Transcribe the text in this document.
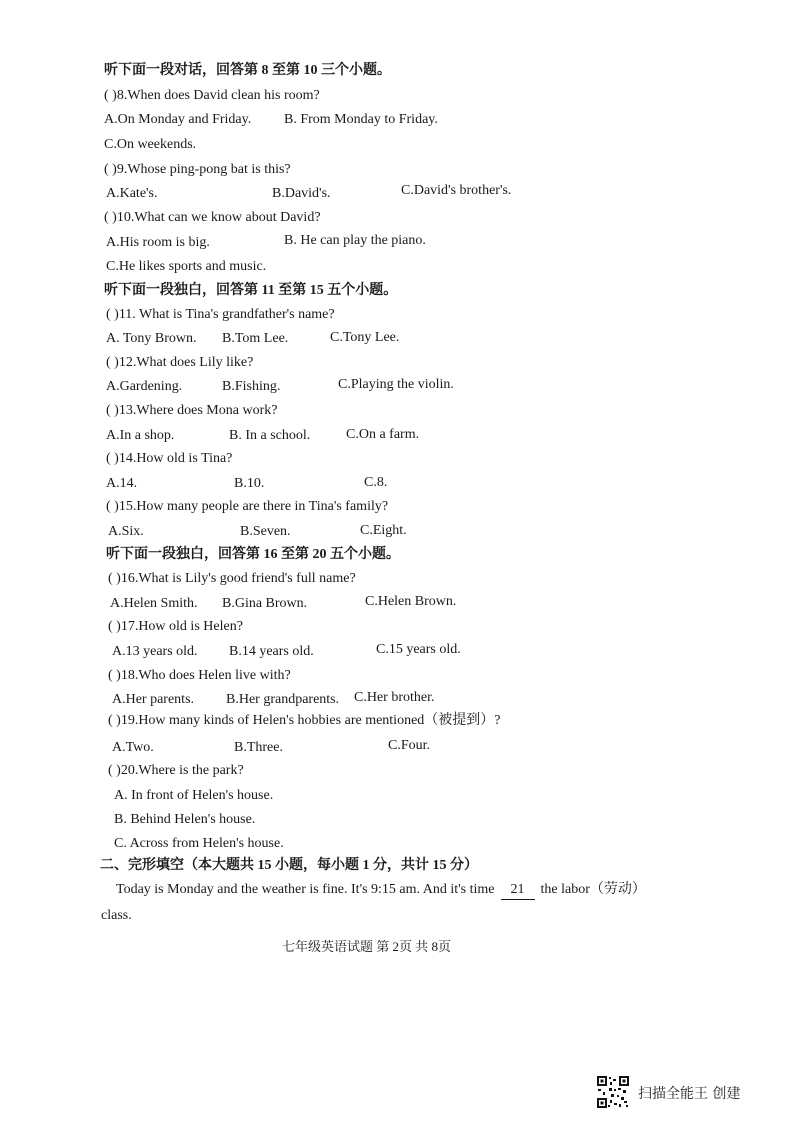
听下面一段对话，回答第 8 至第 10 三个小题。
( )8.When does David clean his room?
A.On Monday and Friday. B. From Monday to Friday.
C.On weekends.
( )9.Whose ping-pong bat is this?
A.Kate's.	B.David's.	C.David's brother's.
( )10.What can we know about David?
A.His room is big.	B. He can play the piano.
C.He likes sports and music.
听下面一段独白，回答第 11 至第 15 五个小题。
( )11. What is Tina's grandfather's name?
A. Tony Brown. B.Tom Lee.	C.Tony Lee.
( )12.What does Lily like?
A.Gardening.	B.Fishing.	C.Playing the violin.
( )13.Where does Mona work?
A.In a shop.	B. In a school.	C.On a farm.
( )14.How old is Tina?
A.14.	B.10.	C.8.
( )15.How many people are there in Tina's family?
A.Six.	B.Seven.	C.Eight.
听下面一段独白，回答第 16 至第 20 五个小题。
( )16.What is Lily's good friend's full name?
A.Helen Smith. B.Gina Brown.	C.Helen Brown.
( )17.How old is Helen?
A.13 years old. B.14 years old.	C.15 years old.
( )18.Who does Helen live with?
A.Her parents. B.Her grandparents. C.Her brother.
( )19.How many kinds of Helen's hobbies are mentioned（被提到）?
A.Two.	B.Three.	C.Four.
( )20.Where is the park?
A. In front of Helen's house.
B. Behind Helen's house.
C. Across from Helen's house.
二、完形填空（本大题共 15 小题，每小题 1 分，共计 15 分）
Today is Monday and the weather is fine. It's 9:15 am. And it's time 21 the labor（劳动）
class.
七年级英语试题 第 2页 共 8页
扫描全能王 创建
